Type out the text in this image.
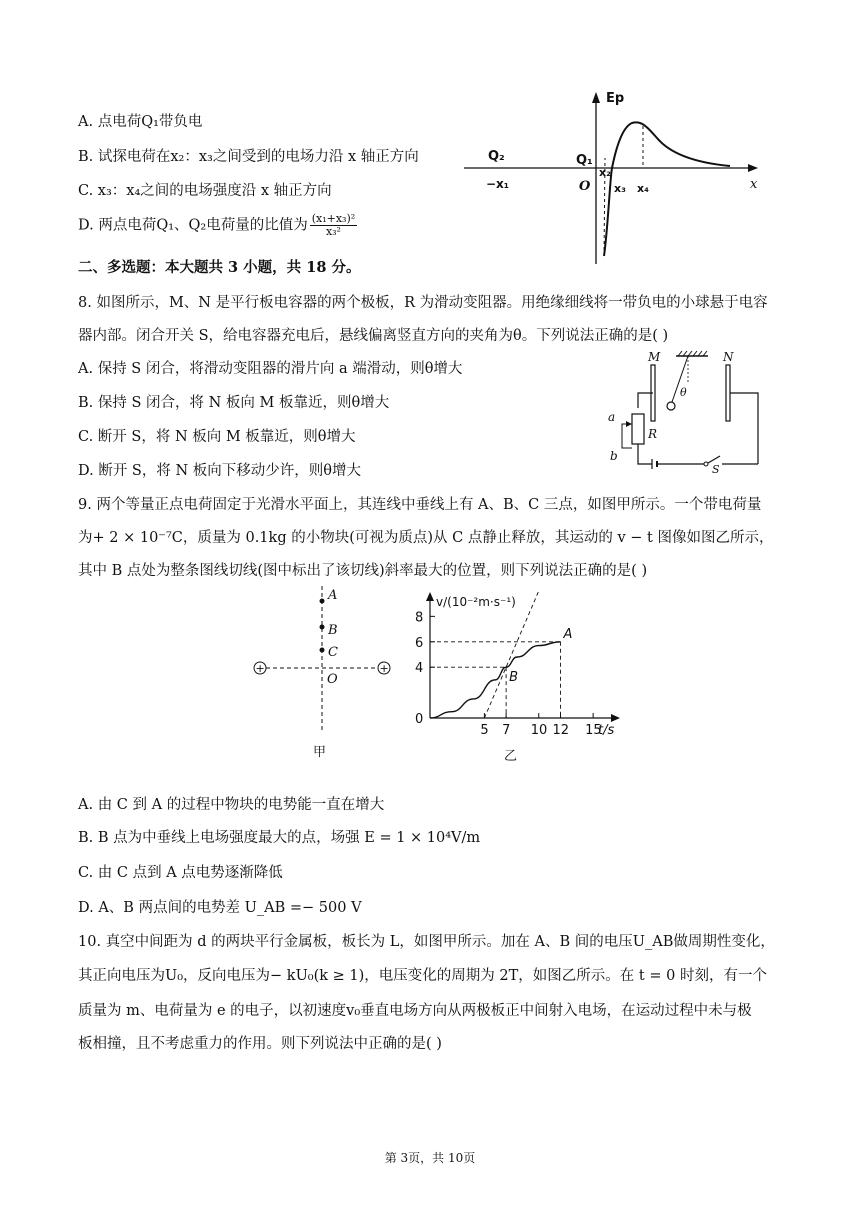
A. 点电荷Q₁带负电
B. 试探电荷在x₂：x₃之间受到的电场力沿 x 轴正方向
C. x₃：x₄之间的电场强度沿 x 轴正方向
D. 两点电荷Q₁、Q₂电荷量的比值为 $\frac{\text{(x₁+x₃)²}}{\text{x₃²}}$
Ep
x
Q₂
−x₁
Q₁
O
x₂
x₃ x₄
二、多选题：本大题共 3 小题，共 18 分。
8. 如图所示，M、N 是平行板电容器的两个极板，R 为滑动变阻器。用绝缘细线将一带负电的小球悬于电容
器内部。闭合开关 S，给电容器充电后，悬线偏离竖直方向的夹角为θ。下列说法正确的是( )
A. 保持 S 闭合，将滑动变阻器的滑片向 a 端滑动，则θ增大
B. 保持 S 闭合，将 N 板向 M 板靠近，则θ增大
C. 断开 S，将 N 板向 M 板靠近，则θ增大
D. 断开 S，将 N 板向下移动少许，则θ增大
M	N
θ
a
b
R
S
9. 两个等量正点电荷固定于光滑水平面上，其连线中垂线上有 A、B、C 三点，如图甲所示。一个带电荷量
为+ 2 × 10⁻⁷C，质量为 0.1kg 的小物块(可视为质点)从 C 点静止释放，其运动的 v − t 图像如图乙所示，
其中 B 点处为整条图线切线(图中标出了该切线)斜率最大的位置，则下列说法正确的是( )
+	+
A
B
C
O
甲
v/(10⁻²m·s⁻¹)
t/s
0
4
6
8
5 7 10 12 15
A
B
乙
A. 由 C 到 A 的过程中物块的电势能一直在增大
B. B 点为中垂线上电场强度最大的点，场强 E = 1 × 10⁴V/m
C. 由 C 点到 A 点电势逐渐降低
D. A、B 两点间的电势差 U_AB =− 500 V
10. 真空中间距为 d 的两块平行金属板，板长为 L，如图甲所示。加在 A、B 间的电压U_AB做周期性变化，
其正向电压为U₀，反向电压为− kU₀(k ≥ 1)，电压变化的周期为 2T，如图乙所示。在 t = 0 时刻，有一个
质量为 m、电荷量为 e 的电子，以初速度v₀垂直电场方向从两极板正中间射入电场，在运动过程中未与极
板相撞，且不考虑重力的作用。则下列说法中正确的是( )
第 3页，共 10页
